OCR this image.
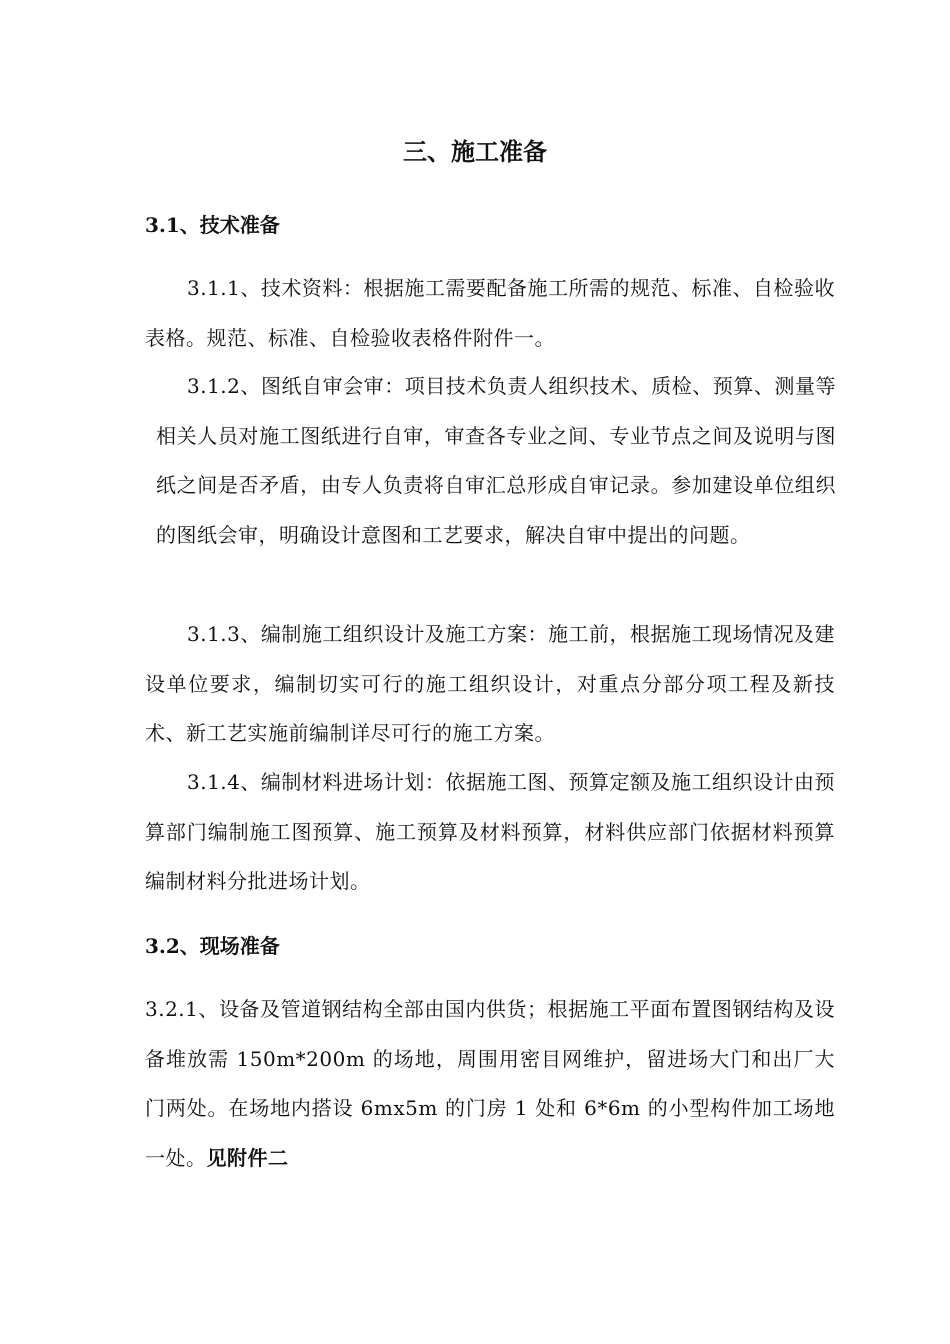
三、施工准备
3.1、技术准备

3.1.1、技术资料：根据施工需要配备施工所需的规范、标准、自检验收表格。规范、标准、自检验收表格件附件一。

3.1.2、图纸自审会审：项目技术负责人组织技术、质检、预算、测量等相关人员对施工图纸进行自审，审查各专业之间、专业节点之间及说明与图纸之间是否矛盾，由专人负责将自审汇总形成自审记录。参加建设单位组织的图纸会审，明确设计意图和工艺要求，解决自审中提出的问题。

3.1.3、编制施工组织设计及施工方案：施工前，根据施工现场情况及建设单位要求，编制切实可行的施工组织设计，对重点分部分项工程及新技术、新工艺实施前编制详尽可行的施工方案。

3.1.4、编制材料进场计划：依据施工图、预算定额及施工组织设计由预算部门编制施工图预算、施工预算及材料预算，材料供应部门依据材料预算编制材料分批进场计划。

3.2、现场准备

3.2.1、设备及管道钢结构全部由国内供货；根据施工平面布置图钢结构及设备堆放需 150m*200m 的场地，周围用密目网维护，留进场大门和出厂大门两处。在场地内搭设 6mx5m 的门房 1 处和 6*6m 的小型构件加工场地一处。见附件二
